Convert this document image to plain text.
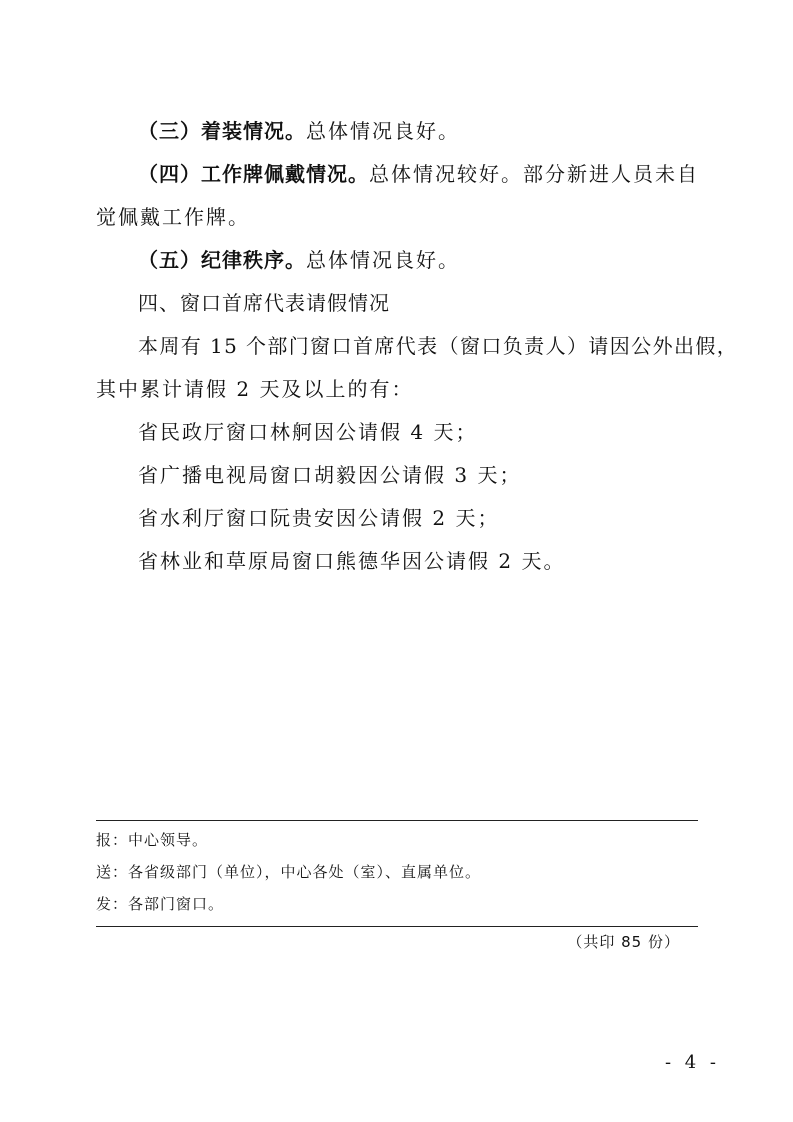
（三）着装情况。总体情况良好。
（四）工作牌佩戴情况。总体情况较好。部分新进人员未自
觉佩戴工作牌。
（五）纪律秩序。总体情况良好。
四、窗口首席代表请假情况
本周有 15 个部门窗口首席代表（窗口负责人）请因公外出假，
其中累计请假 2 天及以上的有：
省民政厅窗口林舸因公请假 4 天；
省广播电视局窗口胡毅因公请假 3 天；
省水利厅窗口阮贵安因公请假 2 天；
省林业和草原局窗口熊德华因公请假 2 天。
报：中心领导。
送：各省级部门（单位），中心各处（室）、直属单位。
发：各部门窗口。
（共印 85 份）
- 4 -
